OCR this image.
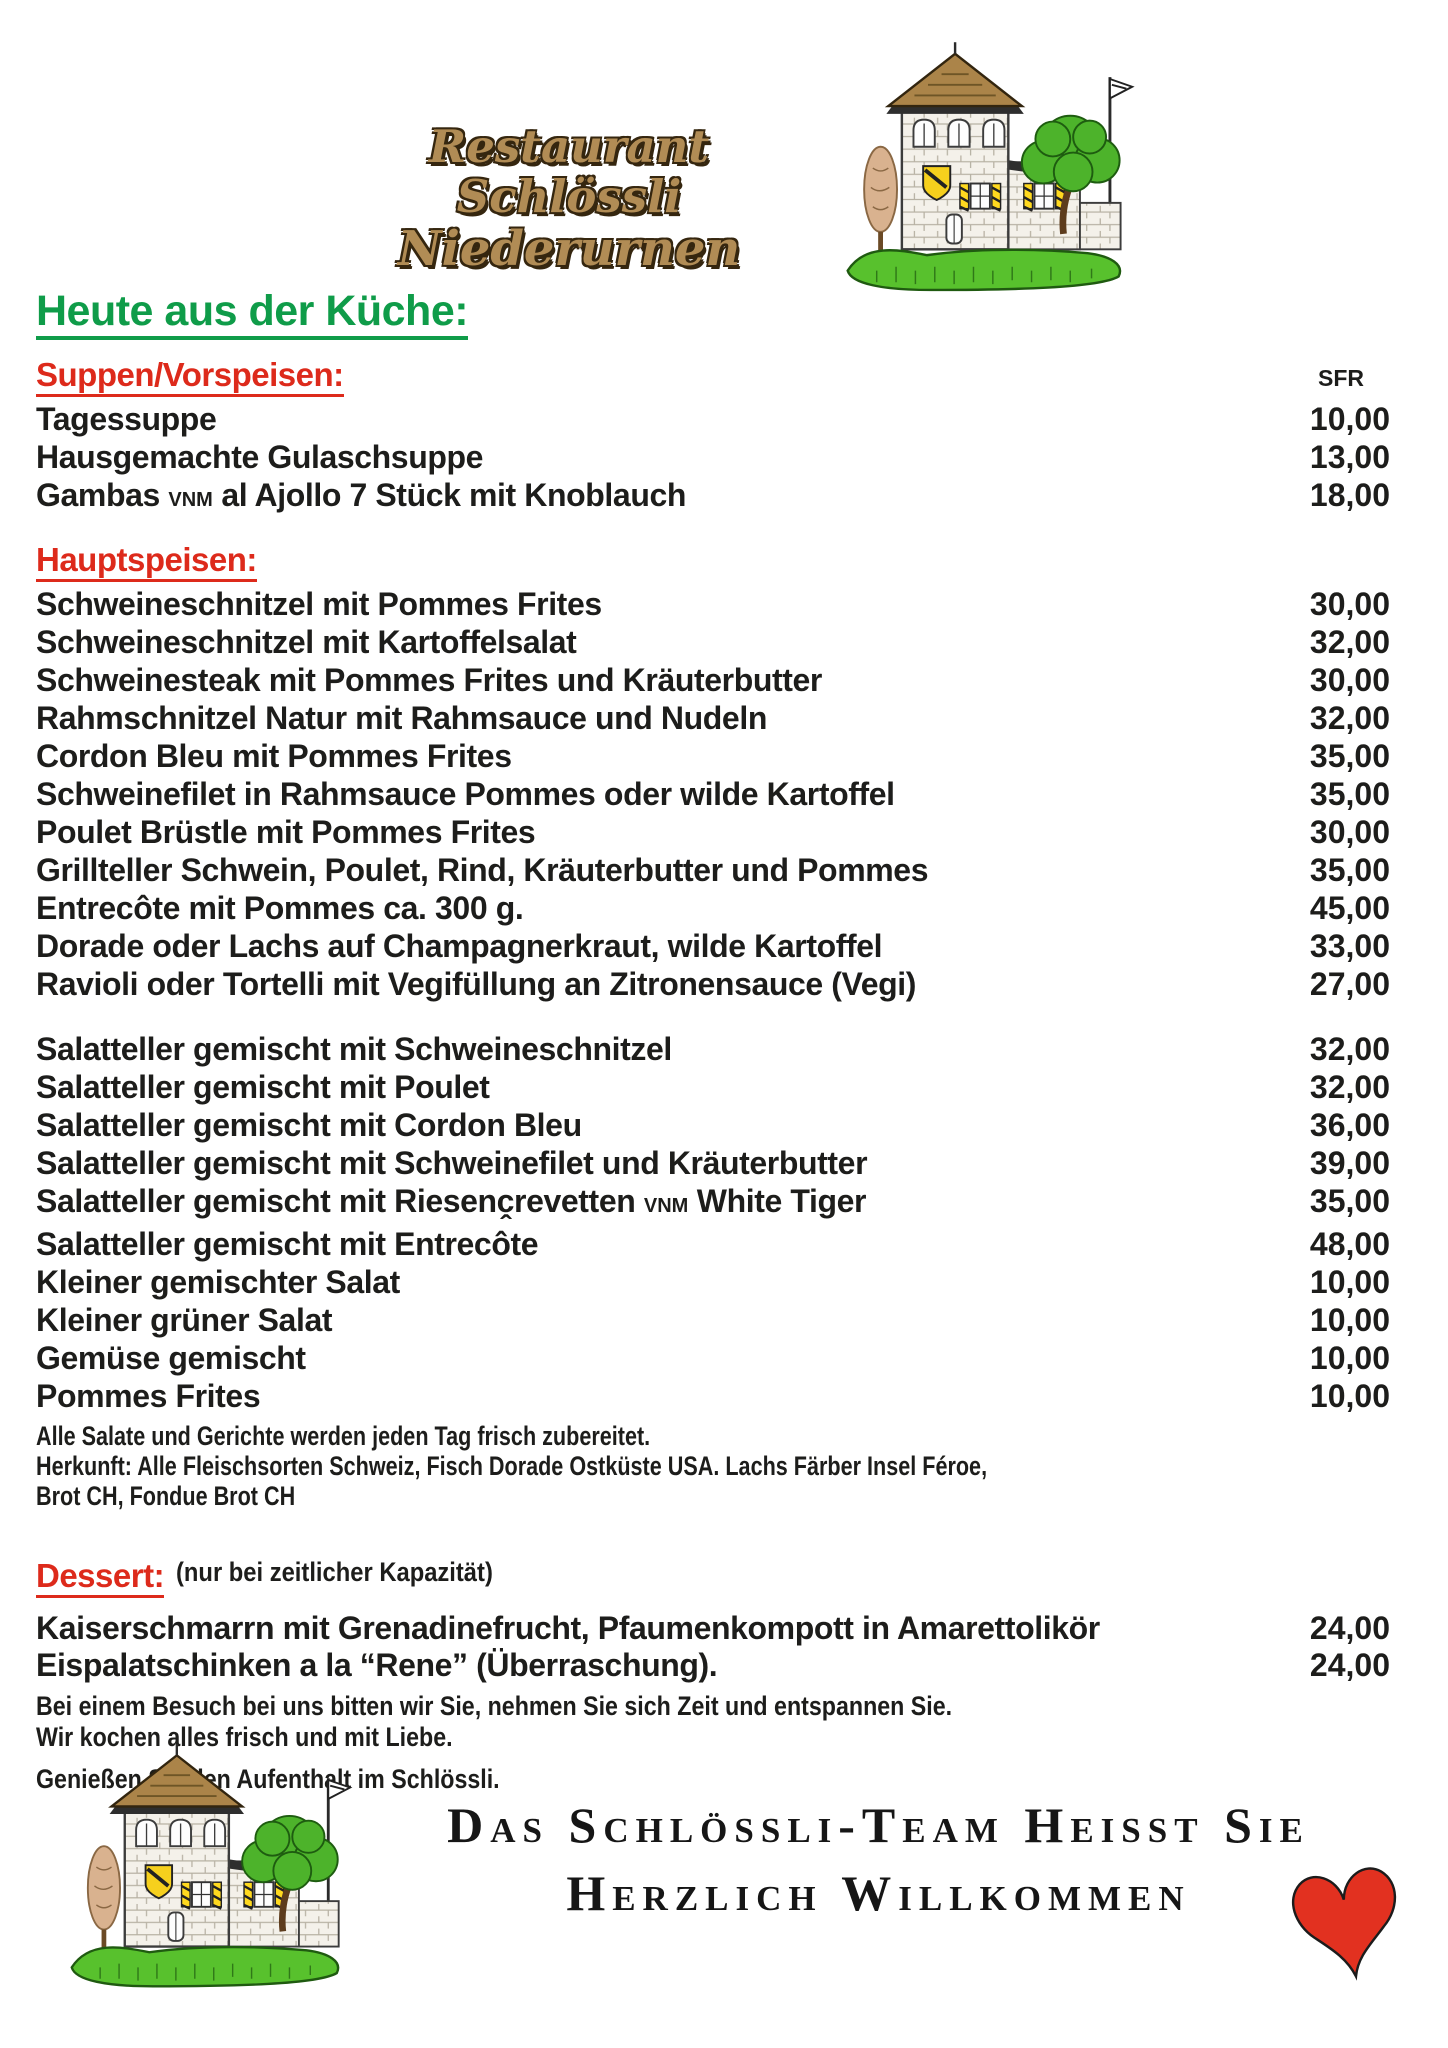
Restaurant Schlössli
Niederurnen
Heute aus der Küche:
Suppen/Vorspeisen:	SFR
Tagessuppe	10,00
Hausgemachte Gulaschsuppe	13,00
Gambas VNM al Ajollo 7 Stück mit Knoblauch	18,00
Hauptspeisen:
Schweineschnitzel mit Pommes Frites	30,00
Schweineschnitzel mit Kartoffelsalat	32,00
Schweinesteak mit Pommes Frites und Kräuterbutter	30,00
Rahmschnitzel Natur mit Rahmsauce und Nudeln	32,00
Cordon Bleu mit Pommes Frites	35,00
Schweinefilet in Rahmsauce Pommes oder wilde Kartoffel	35,00
Poulet Brüstle mit Pommes Frites	30,00
Grillteller Schwein, Poulet, Rind, Kräuterbutter und Pommes	35,00
Entrecôte mit Pommes ca. 300 g.	45,00
Dorade oder Lachs auf Champagnerkraut, wilde Kartoffel	33,00
Ravioli oder Tortelli mit Vegifüllung an Zitronensauce (Vegi)	27,00
Salatteller gemischt mit Schweineschnitzel	32,00
Salatteller gemischt mit Poulet	32,00
Salatteller gemischt mit Cordon Bleu	36,00
Salatteller gemischt mit Schweinefilet und Kräuterbutter	39,00
Salatteller gemischt mit Riesenc̭revetten VNM White Tiger	35,00
Salatteller gemischt mit Entrecôte	48,00
Kleiner gemischter Salat	10,00
Kleiner grüner Salat	10,00
Gemüse gemischt	10,00
Pommes Frites	10,00
Alle Salate und Gerichte werden jeden Tag frisch zubereitet.
Herkunft: Alle Fleischsorten Schweiz, Fisch Dorade Ostküste USA. Lachs Färber Insel Féroe,
Brot CH, Fondue Brot CH
Dessert: (nur bei zeitlicher Kapazität)
Kaiserschmarrn mit Grenadinefrucht, Pfaumenkompott in Amarettolikör	24,00
Eispalatschinken a la “Rene” (Überraschung).	24,00
Bei einem Besuch bei uns bitten wir Sie, nehmen Sie sich Zeit und entspannen Sie.
Wir kochen alles frisch und mit Liebe.
Genießen Sie den Aufenthalt im Schlössli.
Das Schlössli-Team Heisst Sie
Herzlich Willkommen
